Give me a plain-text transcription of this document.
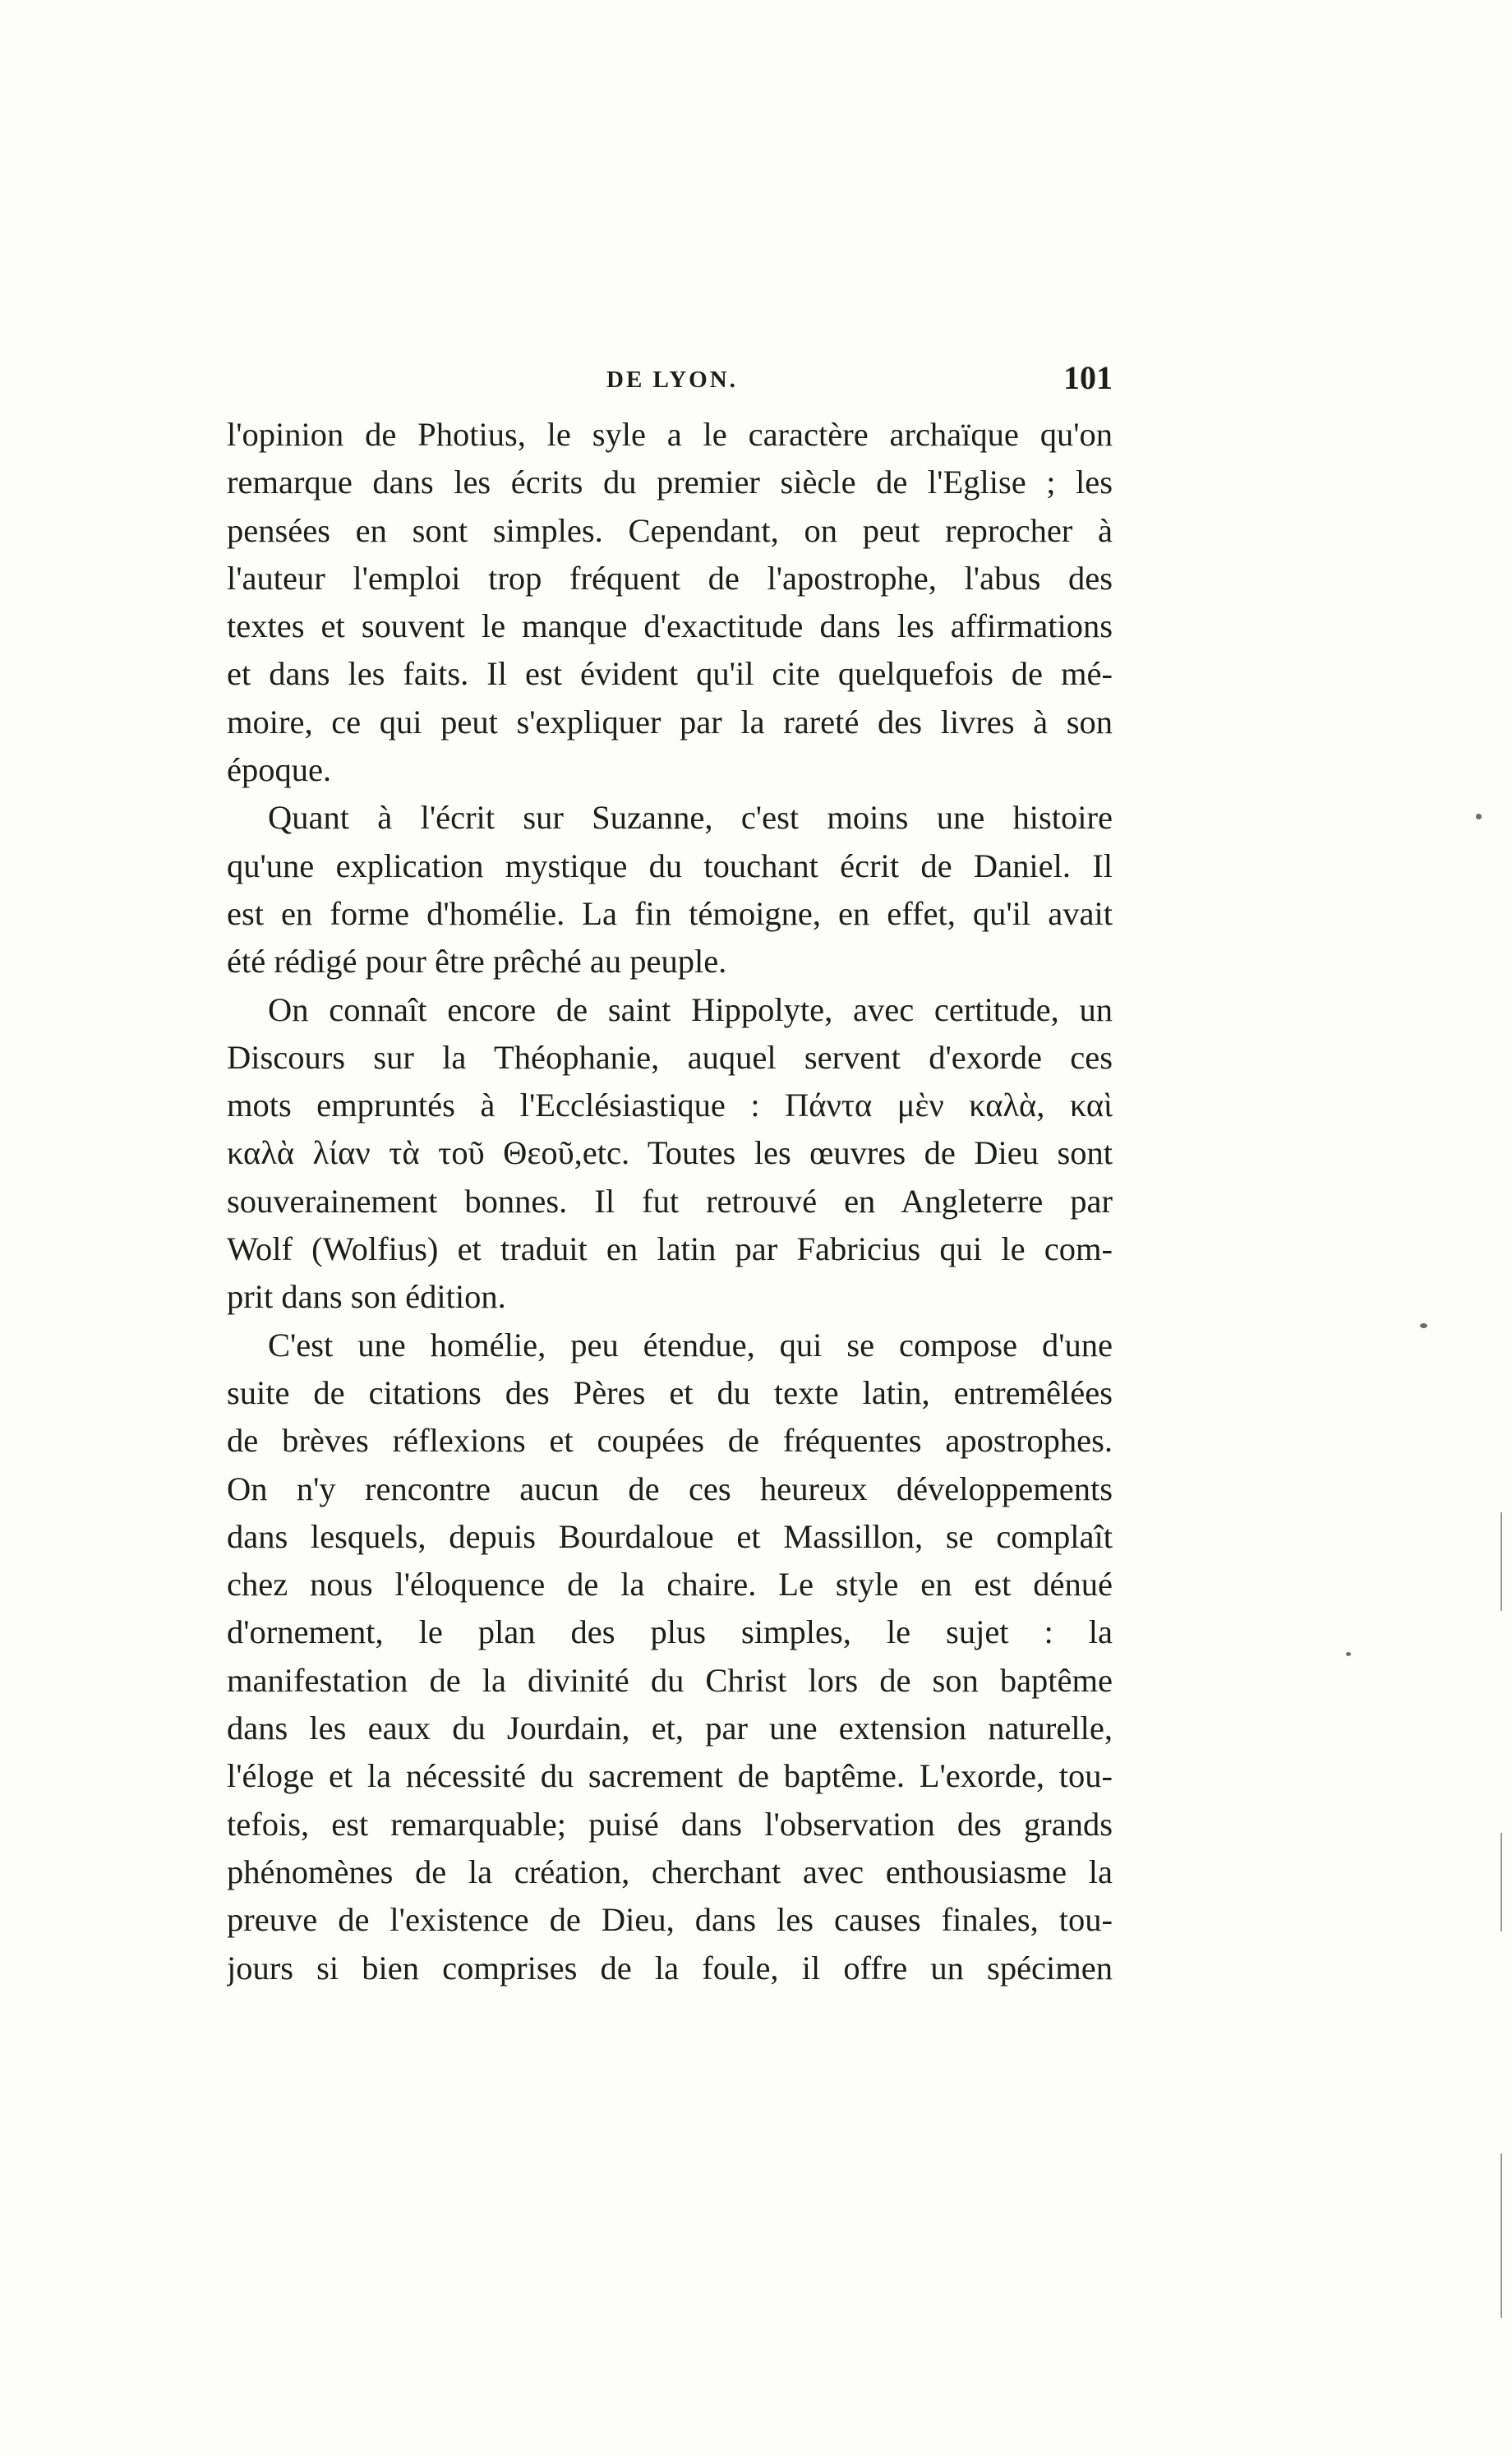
DE LYON.	101
l'opinion de Photius, le syle a le caractère archaïque qu'on
remarque dans les écrits du premier siècle de l'Eglise ; les
pensées en sont simples. Cependant, on peut reprocher à
l'auteur l'emploi trop fréquent de l'apostrophe, l'abus des
textes et souvent le manque d'exactitude dans les affirmations
et dans les faits. Il est évident qu'il cite quelquefois de mé-
moire, ce qui peut s'expliquer par la rareté des livres à son
époque.
Quant à l'écrit sur Suzanne, c'est moins une histoire
qu'une explication mystique du touchant écrit de Daniel. Il
est en forme d'homélie. La fin témoigne, en effet, qu'il avait
été rédigé pour être prêché au peuple.
On connaît encore de saint Hippolyte, avec certitude, un
Discours sur la Théophanie, auquel servent d'exorde ces
mots empruntés à l'Ecclésiastique : Πάντα μὲν καλὰ, καὶ
καλὰ λίαν τὰ τοῦ Θεοῦ,etc. Toutes les œuvres de Dieu sont
souverainement bonnes. Il fut retrouvé en Angleterre par
Wolf (Wolfius) et traduit en latin par Fabricius qui le com-
prit dans son édition.
C'est une homélie, peu étendue, qui se compose d'une
suite de citations des Pères et du texte latin, entremêlées
de brèves réflexions et coupées de fréquentes apostrophes.
On n'y rencontre aucun de ces heureux développements
dans lesquels, depuis Bourdaloue et Massillon, se complaît
chez nous l'éloquence de la chaire. Le style en est dénué
d'ornement, le plan des plus simples, le sujet : la
manifestation de la divinité du Christ lors de son baptême
dans les eaux du Jourdain, et, par une extension naturelle,
l'éloge et la nécessité du sacrement de baptême. L'exorde, tou-
tefois, est remarquable; puisé dans l'observation des grands
phénomènes de la création, cherchant avec enthousiasme la
preuve de l'existence de Dieu, dans les causes finales, tou-
jours si bien comprises de la foule, il offre un spécimen
